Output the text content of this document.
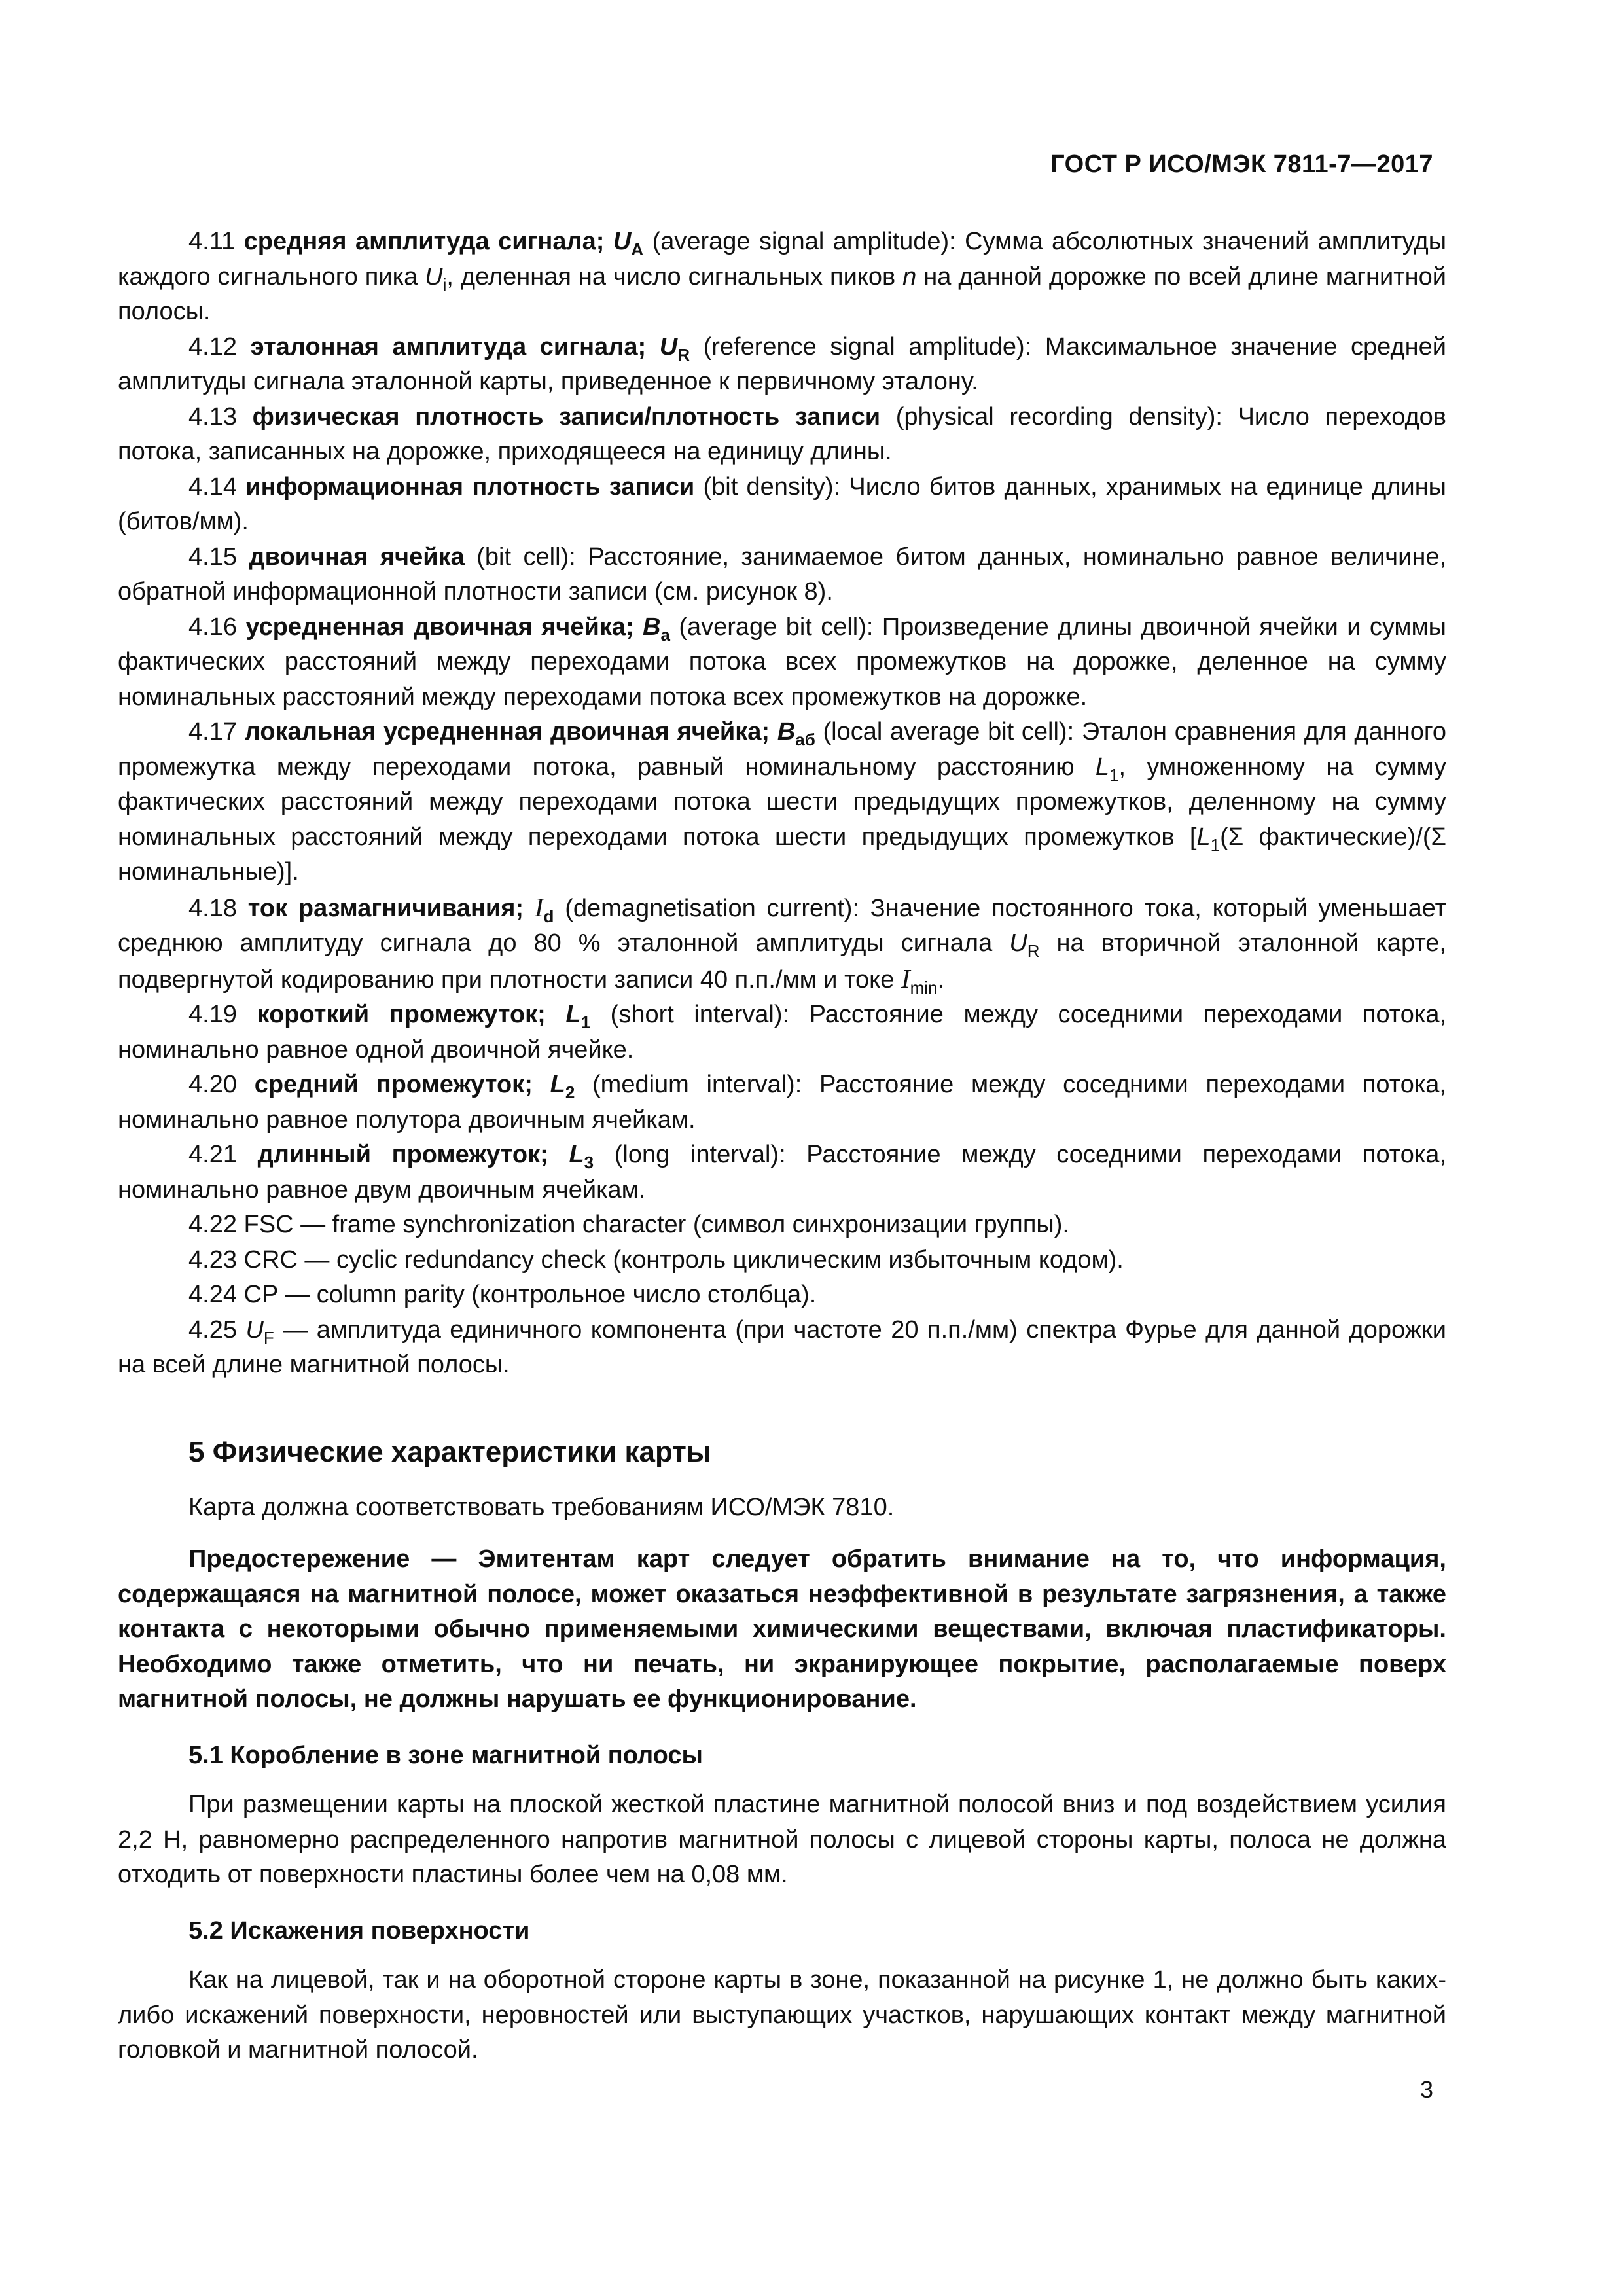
ГОСТ Р ИСО/МЭК 7811-7—2017

4.11 средняя амплитуда сигнала; $U_A$ (average signal amplitude): Сумма абсолютных значений амплитуды каждого сигнального пика $U_i$, деленная на число сигнальных пиков n на данной дорожке по всей длине магнитной полосы.

4.12 эталонная амплитуда сигнала; $U_R$ (reference signal amplitude): Максимальное значение средней амплитуды сигнала эталонной карты, приведенное к первичному эталону.

4.13 физическая плотность записи/плотность записи (physical recording density): Число переходов потока, записанных на дорожке, приходящееся на единицу длины.

4.14 информационная плотность записи (bit density): Число битов данных, хранимых на единице длины (битов/мм).

4.15 двоичная ячейка (bit cell): Расстояние, занимаемое битом данных, номинально равное величине, обратной информационной плотности записи (см. рисунок 8).

4.16 усредненная двоичная ячейка; $B_a$ (average bit cell): Произведение длины двоичной ячейки и суммы фактических расстояний между переходами потока всех промежутков на дорожке, деленное на сумму номинальных расстояний между переходами потока всех промежутков на дорожке.

4.17 локальная усредненная двоичная ячейка; $B_{aб}$ (local average bit cell): Эталон сравнения для данного промежутка между переходами потока, равный номинальному расстоянию $L_1$, умноженному на сумму фактических расстояний между переходами потока шести предыдущих промежутков, деленному на сумму номинальных расстояний между переходами потока шести предыдущих промежутков [$L_1(\Sigma$ фактические)/(Σ номинальные)].

4.18 ток размагничивания; $I_d$ (demagnetisation current): Значение постоянного тока, который уменьшает среднюю амплитуду сигнала до 80 % эталонной амплитуды сигнала $U_R$ на вторичной эталонной карте, подвергнутой кодированию при плотности записи 40 п.п./мм и токе $I_{min}$.

4.19 короткий промежуток; $L_1$ (short interval): Расстояние между соседними переходами потока, номинально равное одной двоичной ячейке.

4.20 средний промежуток; $L_2$ (medium interval): Расстояние между соседними переходами потока, номинально равное полутора двоичным ячейкам.

4.21 длинный промежуток; $L_3$ (long interval): Расстояние между соседними переходами потока, номинально равное двум двоичным ячейкам.

4.22 FSC — frame synchronization character (символ синхронизации группы).

4.23 CRC — cyclic redundancy check (контроль циклическим избыточным кодом).

4.24 CP — column parity (контрольное число столбца).

4.25 $U_F$ — амплитуда единичного компонента (при частоте 20 п.п./мм) спектра Фурье для данной дорожки на всей длине магнитной полосы.

5 Физические характеристики карты

Карта должна соответствовать требованиям ИСО/МЭК 7810.

Предостережение — Эмитентам карт следует обратить внимание на то, что информация, содержащаяся на магнитной полосе, может оказаться неэффективной в результате загрязнения, а также контакта с некоторыми обычно применяемыми химическими веществами, включая пластификаторы. Необходимо также отметить, что ни печать, ни экранирующее покрытие, располагаемые поверх магнитной полосы, не должны нарушать ее функционирование.

5.1 Коробление в зоне магнитной полосы

При размещении карты на плоской жесткой пластине магнитной полосой вниз и под воздействием усилия 2,2 Н, равномерно распределенного напротив магнитной полосы с лицевой стороны карты, полоса не должна отходить от поверхности пластины более чем на 0,08 мм.

5.2 Искажения поверхности

Как на лицевой, так и на оборотной стороне карты в зоне, показанной на рисунке 1, не должно быть каких-либо искажений поверхности, неровностей или выступающих участков, нарушающих контакт между магнитной головкой и магнитной полосой.

3
